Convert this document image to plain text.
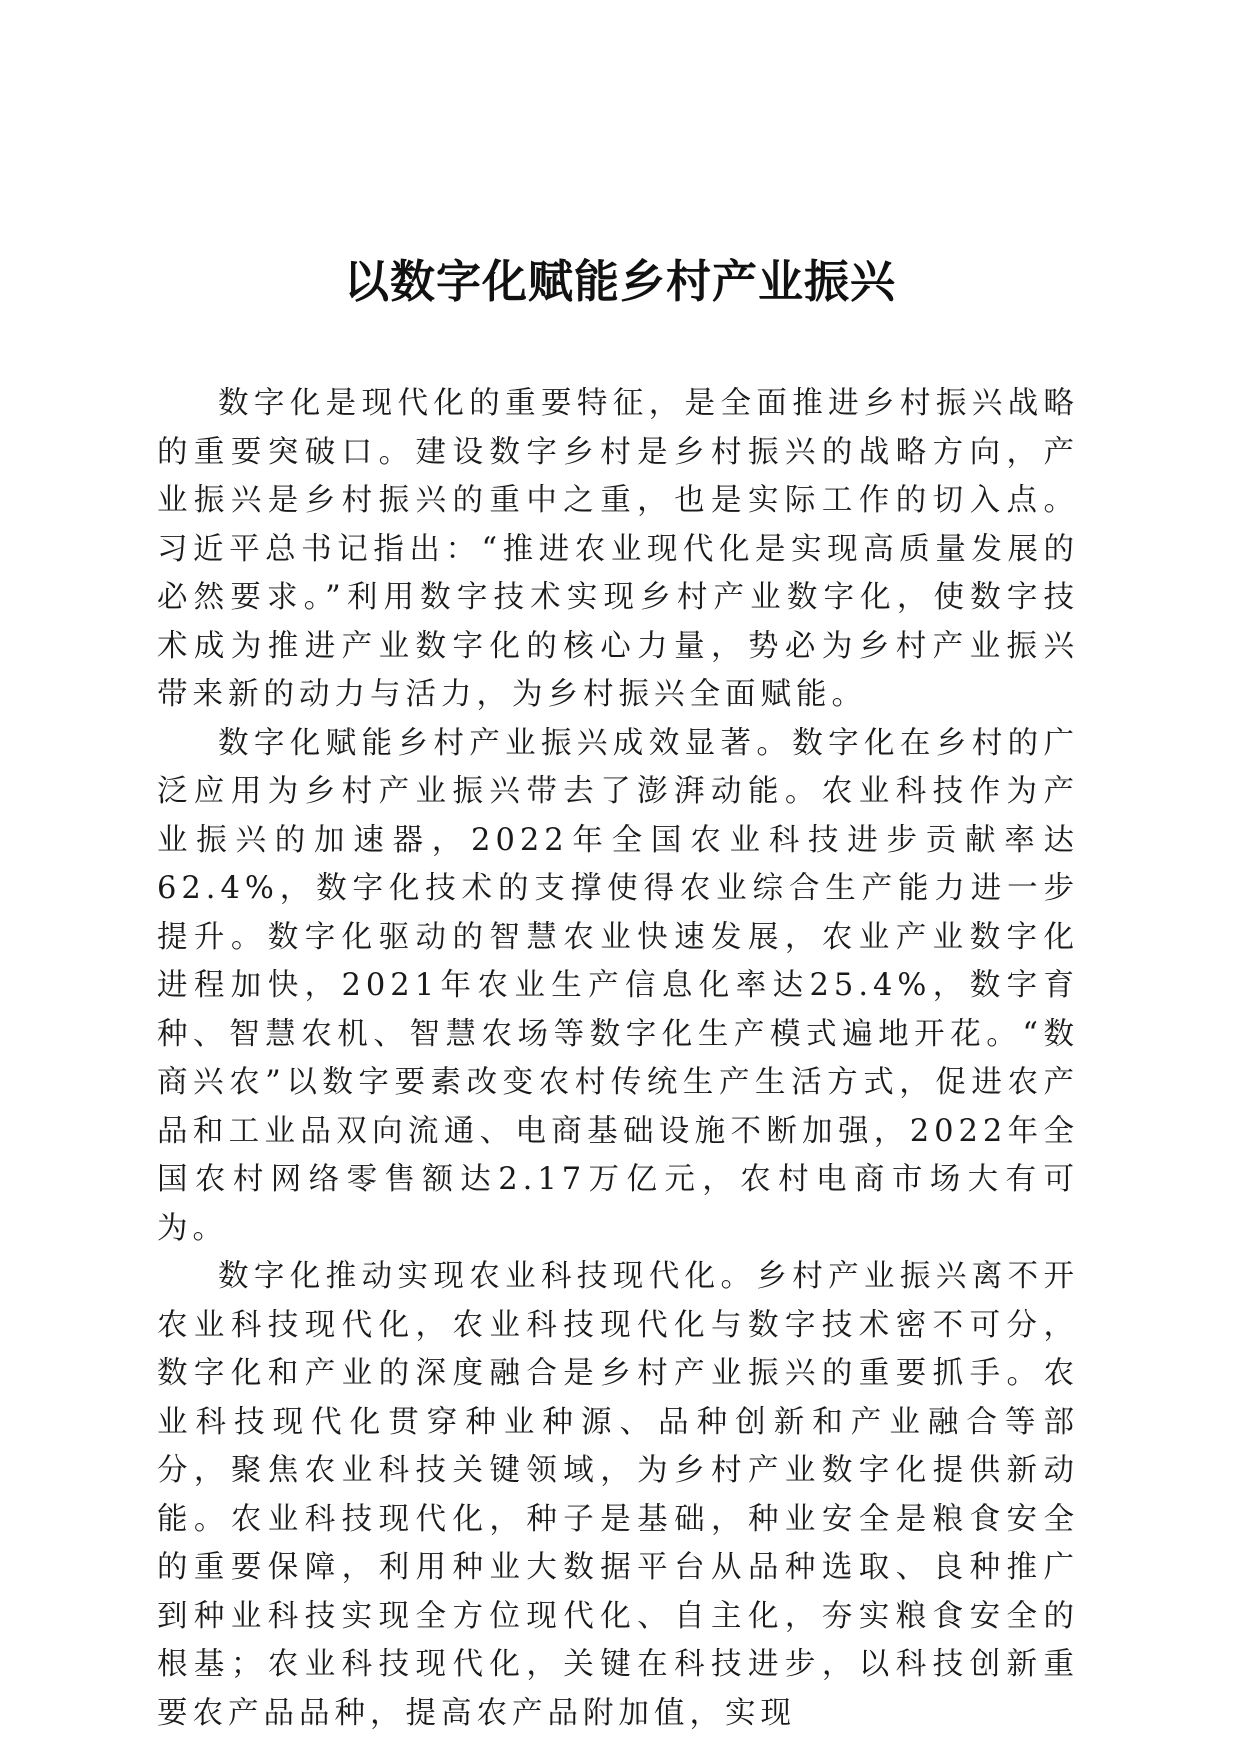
以数字化赋能乡村产业振兴

数字化是现代化的重要特征，是全面推进乡村振兴战略的重要突破口。建设数字乡村是乡村振兴的战略方向，产业振兴是乡村振兴的重中之重，也是实际工作的切入点。习近平总书记指出：“推进农业现代化是实现高质量发展的必然要求。”利用数字技术实现乡村产业数字化，使数字技术成为推进产业数字化的核心力量，势必为乡村产业振兴带来新的动力与活力，为乡村振兴全面赋能。

数字化赋能乡村产业振兴成效显著。数字化在乡村的广泛应用为乡村产业振兴带去了澎湃动能。农业科技作为产业振兴的加速器，2022年全国农业科技进步贡献率达62.4%，数字化技术的支撑使得农业综合生产能力进一步提升。数字化驱动的智慧农业快速发展，农业产业数字化进程加快，2021年农业生产信息化率达25.4%，数字育种、智慧农机、智慧农场等数字化生产模式遍地开花。“数商兴农”以数字要素改变农村传统生产生活方式，促进农产品和工业品双向流通、电商基础设施不断加强，2022年全国农村网络零售额达2.17万亿元，农村电商市场大有可为。

数字化推动实现农业科技现代化。乡村产业振兴离不开农业科技现代化，农业科技现代化与数字技术密不可分，数字化和产业的深度融合是乡村产业振兴的重要抓手。农业科技现代化贯穿种业种源、品种创新和产业融合等部分，聚焦农业科技关键领域，为乡村产业数字化提供新动能。农业科技现代化，种子是基础，种业安全是粮食安全的重要保障，利用种业大数据平台从品种选取、良种推广到种业科技实现全方位现代化、自主化，夯实粮食安全的根基；农业科技现代化，关键在科技进步，以科技创新重要农产品品种，提高农产品附加值，实现
